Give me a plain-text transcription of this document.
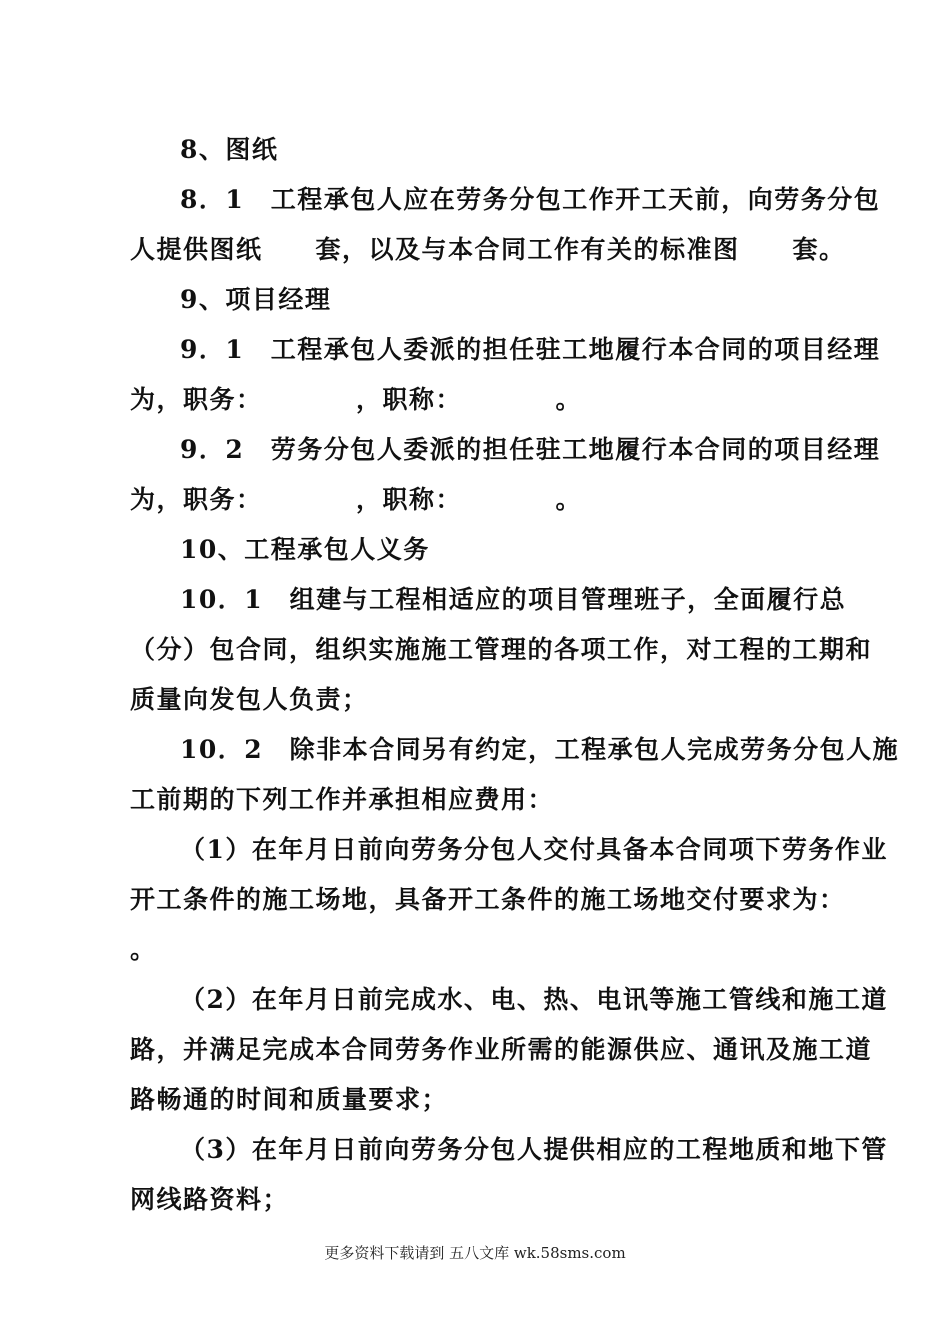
8、图纸
8．1　工程承包人应在劳务分包工作开工天前，向劳务分包
人提供图纸　　套，以及与本合同工作有关的标准图　　套。
9、项目经理
9．1　工程承包人委派的担任驻工地履行本合同的项目经理
为，职务：　　　　，职称：　　　　。
9．2　劳务分包人委派的担任驻工地履行本合同的项目经理
为，职务：　　　　，职称：　　　　。
10、工程承包人义务
10．1　组建与工程相适应的项目管理班子，全面履行总
（分）包合同，组织实施施工管理的各项工作，对工程的工期和
质量向发包人负责；
10．2　除非本合同另有约定，工程承包人完成劳务分包人施
工前期的下列工作并承担相应费用：
（1）在年月日前向劳务分包人交付具备本合同项下劳务作业
开工条件的施工场地，具备开工条件的施工场地交付要求为：
。
（2）在年月日前完成水、电、热、电讯等施工管线和施工道
路，并满足完成本合同劳务作业所需的能源供应、通讯及施工道
路畅通的时间和质量要求；
（3）在年月日前向劳务分包人提供相应的工程地质和地下管
网线路资料；
更多资料下载请到 五八文库 wk.58sms.com
